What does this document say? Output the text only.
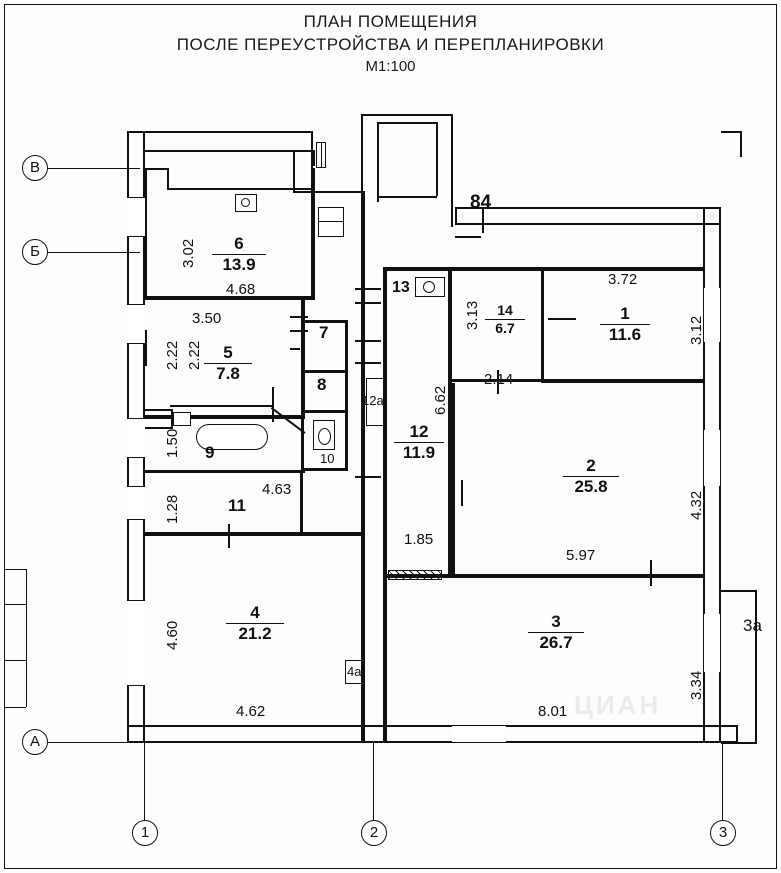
ПЛАН ПОМЕЩЕНИЯ
ПОСЛЕ ПЕРЕУСТРОЙСТВА И ПЕРЕПЛАНИРОВКИ
М1:100
В
Б
А
1	2	3
6
13.9
5
7.8
4
21.2
14
6.7
1
11.6
12
11.9
2
25.8
3
26.7
7
8
9	10
11
13
12а
4а
3а
84
3.02
2.22 2.22
1.50
1.28
4.60
4.68
3.50
4.63
4.62
3.13
3.72
3.12
2.14
6.62
4.32
5.97
1.85
3.34
8.01 ЦИАН
